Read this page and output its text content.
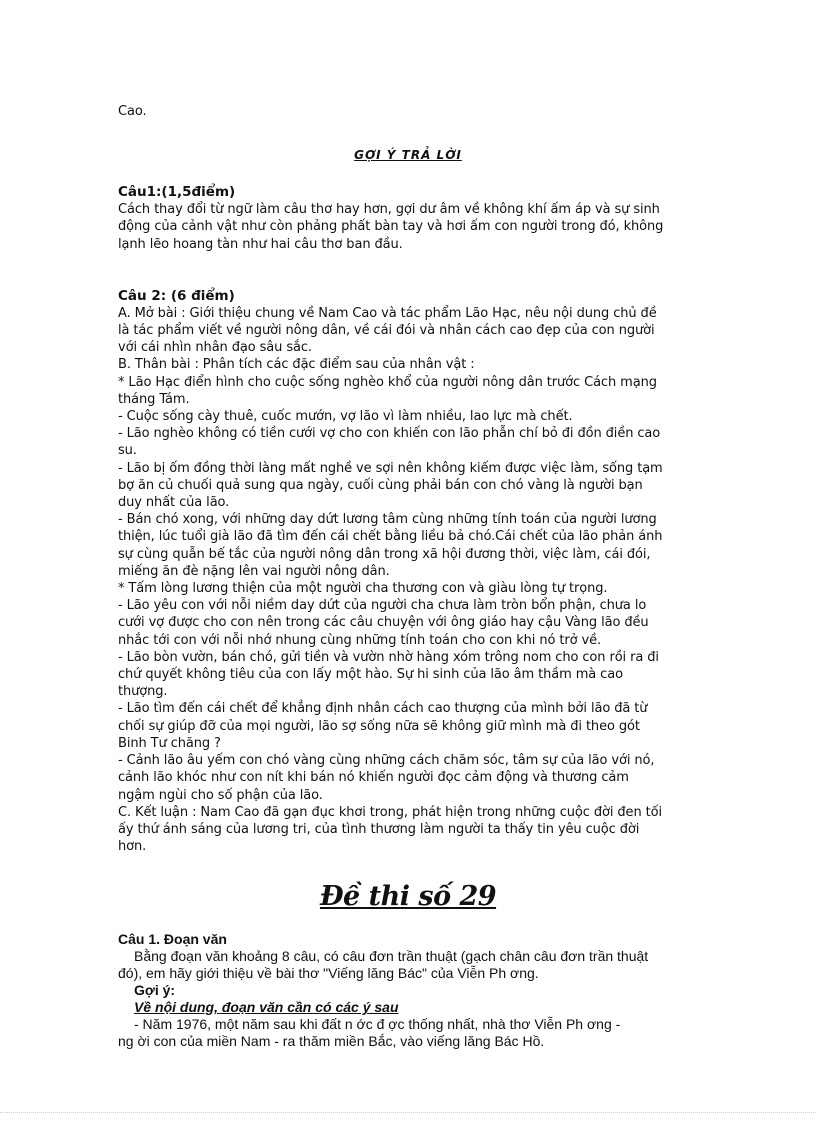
Cao.

GỢI Ý TRẢ LỜI

Câu1:(1,5điểm)

Cách thay đổi từ ngữ làm câu thơ hay hơn, gợi dư âm về không khí ấm áp và sự sinh

động của cảnh vật như còn phảng phất bàn tay và hơi ấm con người trong đó, không

lạnh lẽo hoang tàn như hai câu thơ ban đầu.

Câu 2: (6 điểm)

A. Mở bài : Giới thiệu chung về Nam Cao và tác phẩm Lão Hạc, nêu nội dung chủ đề

là tác phẩm viết về người nông dân, về cái đói và nhân cách cao đẹp của con người

với cái nhìn nhân đạo sâu sắc.

B. Thân bài : Phân tích các đặc điểm sau của nhân vật :

* Lão Hạc điển hình cho cuộc sống nghèo khổ của người nông dân trước Cách mạng

tháng Tám.

- Cuộc sống cày thuê, cuốc mướn, vợ lão vì làm nhiều, lao lực mà chết.

- Lão nghèo không có tiền cưới vợ cho con khiến con lão phẫn chí bỏ đi đồn điền cao

su.

- Lão bị ốm đồng thời làng mất nghề ve sợi nên không kiếm được việc làm, sống tạm

bợ ăn củ chuối quả sung qua ngày, cuối cùng phải bán con chó vàng là người bạn

duy nhất của lão.

- Bán chó xong, với những day dứt lương tâm cùng những tính toán của người lương

thiện, lúc tuổi già lão đã tìm đến cái chết bằng liều bả chó.Cái chết của lão phản ánh

sự cùng quẫn bế tắc của người nông dân trong xã hội đương thời, việc làm, cái đói,

miếng ăn đè nặng lên vai người nông dân.

* Tấm lòng lương thiện của một người cha thương con và giàu lòng tự trọng.

- Lão yêu con với nỗi niềm day dứt của người cha chưa làm tròn bổn phận, chưa lo

cưới vợ được cho con nên trong các câu chuyện với ông giáo hay cậu Vàng lão đều

nhắc tới con với nỗi nhớ nhung cùng những tính toán cho con khi nó trở về.

- Lão bòn vườn, bán chó, gửi tiền và vườn nhờ hàng xóm trông nom cho con rồi ra đi

chứ quyết không tiêu của con lấy một hào. Sự hi sinh của lão âm thầm mà cao

thượng.

- Lão tìm đến cái chết để khẳng định nhân cách cao thượng của mình bởi lão đã từ

chối sự giúp đỡ của mọi người, lão sợ sống nữa sẽ không giữ mình mà đi theo gót

Binh Tư chăng ?

- Cảnh lão âu yếm con chó vàng cùng những cách chăm sóc, tâm sự của lão với nó,

cảnh lão khóc như con nít khi bán nó khiến người đọc cảm động và thương cảm

ngậm ngùi cho số phận của lão.

C. Kết luận : Nam Cao đã gạn đục khơi trong, phát hiện trong những cuộc đời đen tối

ấy thứ ánh sáng của lương tri, của tình thương làm người ta thấy tin yêu cuộc đời

hơn.

Đề thi số 29

Câu 1. Đoạn văn

Bằng đoạn văn khoảng 8 câu, có câu đơn trần thuật (gạch chân câu đơn trần thuật

đó), em hãy giới thiệu về bài thơ "Viếng lăng Bác" của Viễn Ph ơng.

Gợi ý:

Về nội dung, đoạn văn cần có các ý sau

- Năm 1976, một năm sau khi đất n ớc đ ợc thống nhất, nhà thơ Viễn Ph ơng -

ng ời con của miền Nam - ra thăm miền Bắc, vào viếng lăng Bác Hồ.
